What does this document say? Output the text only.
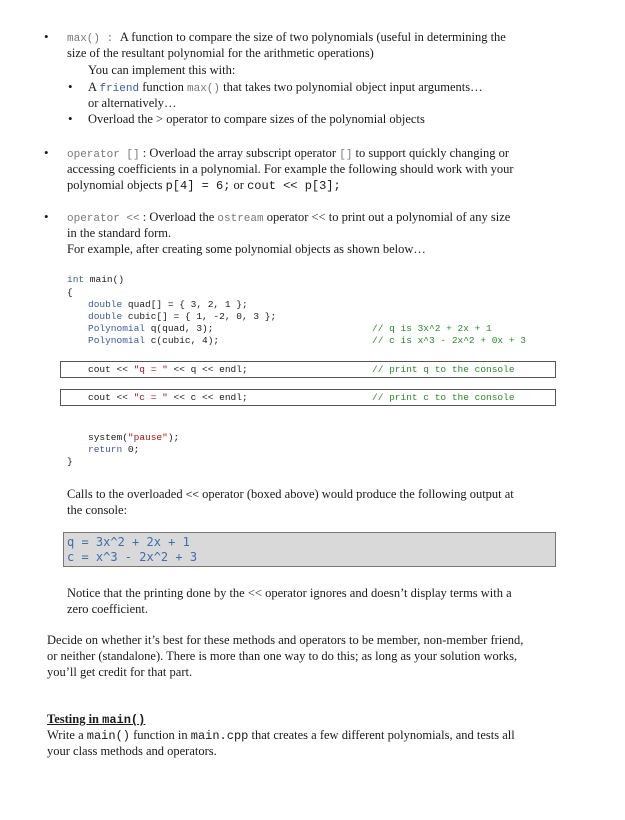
• max() : A function to compare the size of two polynomials (useful in determining the
size of the resultant polynomial for the arithmetic operations)
You can implement this with:
• A friend function max() that takes two polynomial object input arguments…
or alternatively…
• Overload the > operator to compare sizes of the polynomial objects
• operator [] : Overload the array subscript operator [] to support quickly changing or
accessing coefficients in a polynomial. For example the following should work with your
polynomial objects p[4] = 6; or cout << p[3];
• operator << : Overload the ostream operator << to print out a polynomial of any size
in the standard form.
For example, after creating some polynomial objects as shown below…
int main()
{
double quad[] = { 3, 2, 1 };
double cubic[] = { 1, -2, 0, 3 };
Polynomial q(quad, 3);	// q is 3x^2 + 2x + 1
Polynomial c(cubic, 4);	// c is x^3 - 2x^2 + 0x + 3
cout << "q = " << q << endl;	// print q to the console
cout << "c = " << c << endl;	// print c to the console
system("pause");
return 0;
}
Calls to the overloaded << operator (boxed above) would produce the following output at
the console:
q = 3x^2 + 2x + 1
c = x^3 - 2x^2 + 3
Notice that the printing done by the << operator ignores and doesn’t display terms with a
zero coefficient.
Decide on whether it’s best for these methods and operators to be member, non-member friend,
or neither (standalone). There is more than one way to do this; as long as your solution works,
you’ll get credit for that part.
Testing in main()
Write a main() function in main.cpp that creates a few different polynomials, and tests all
your class methods and operators.
